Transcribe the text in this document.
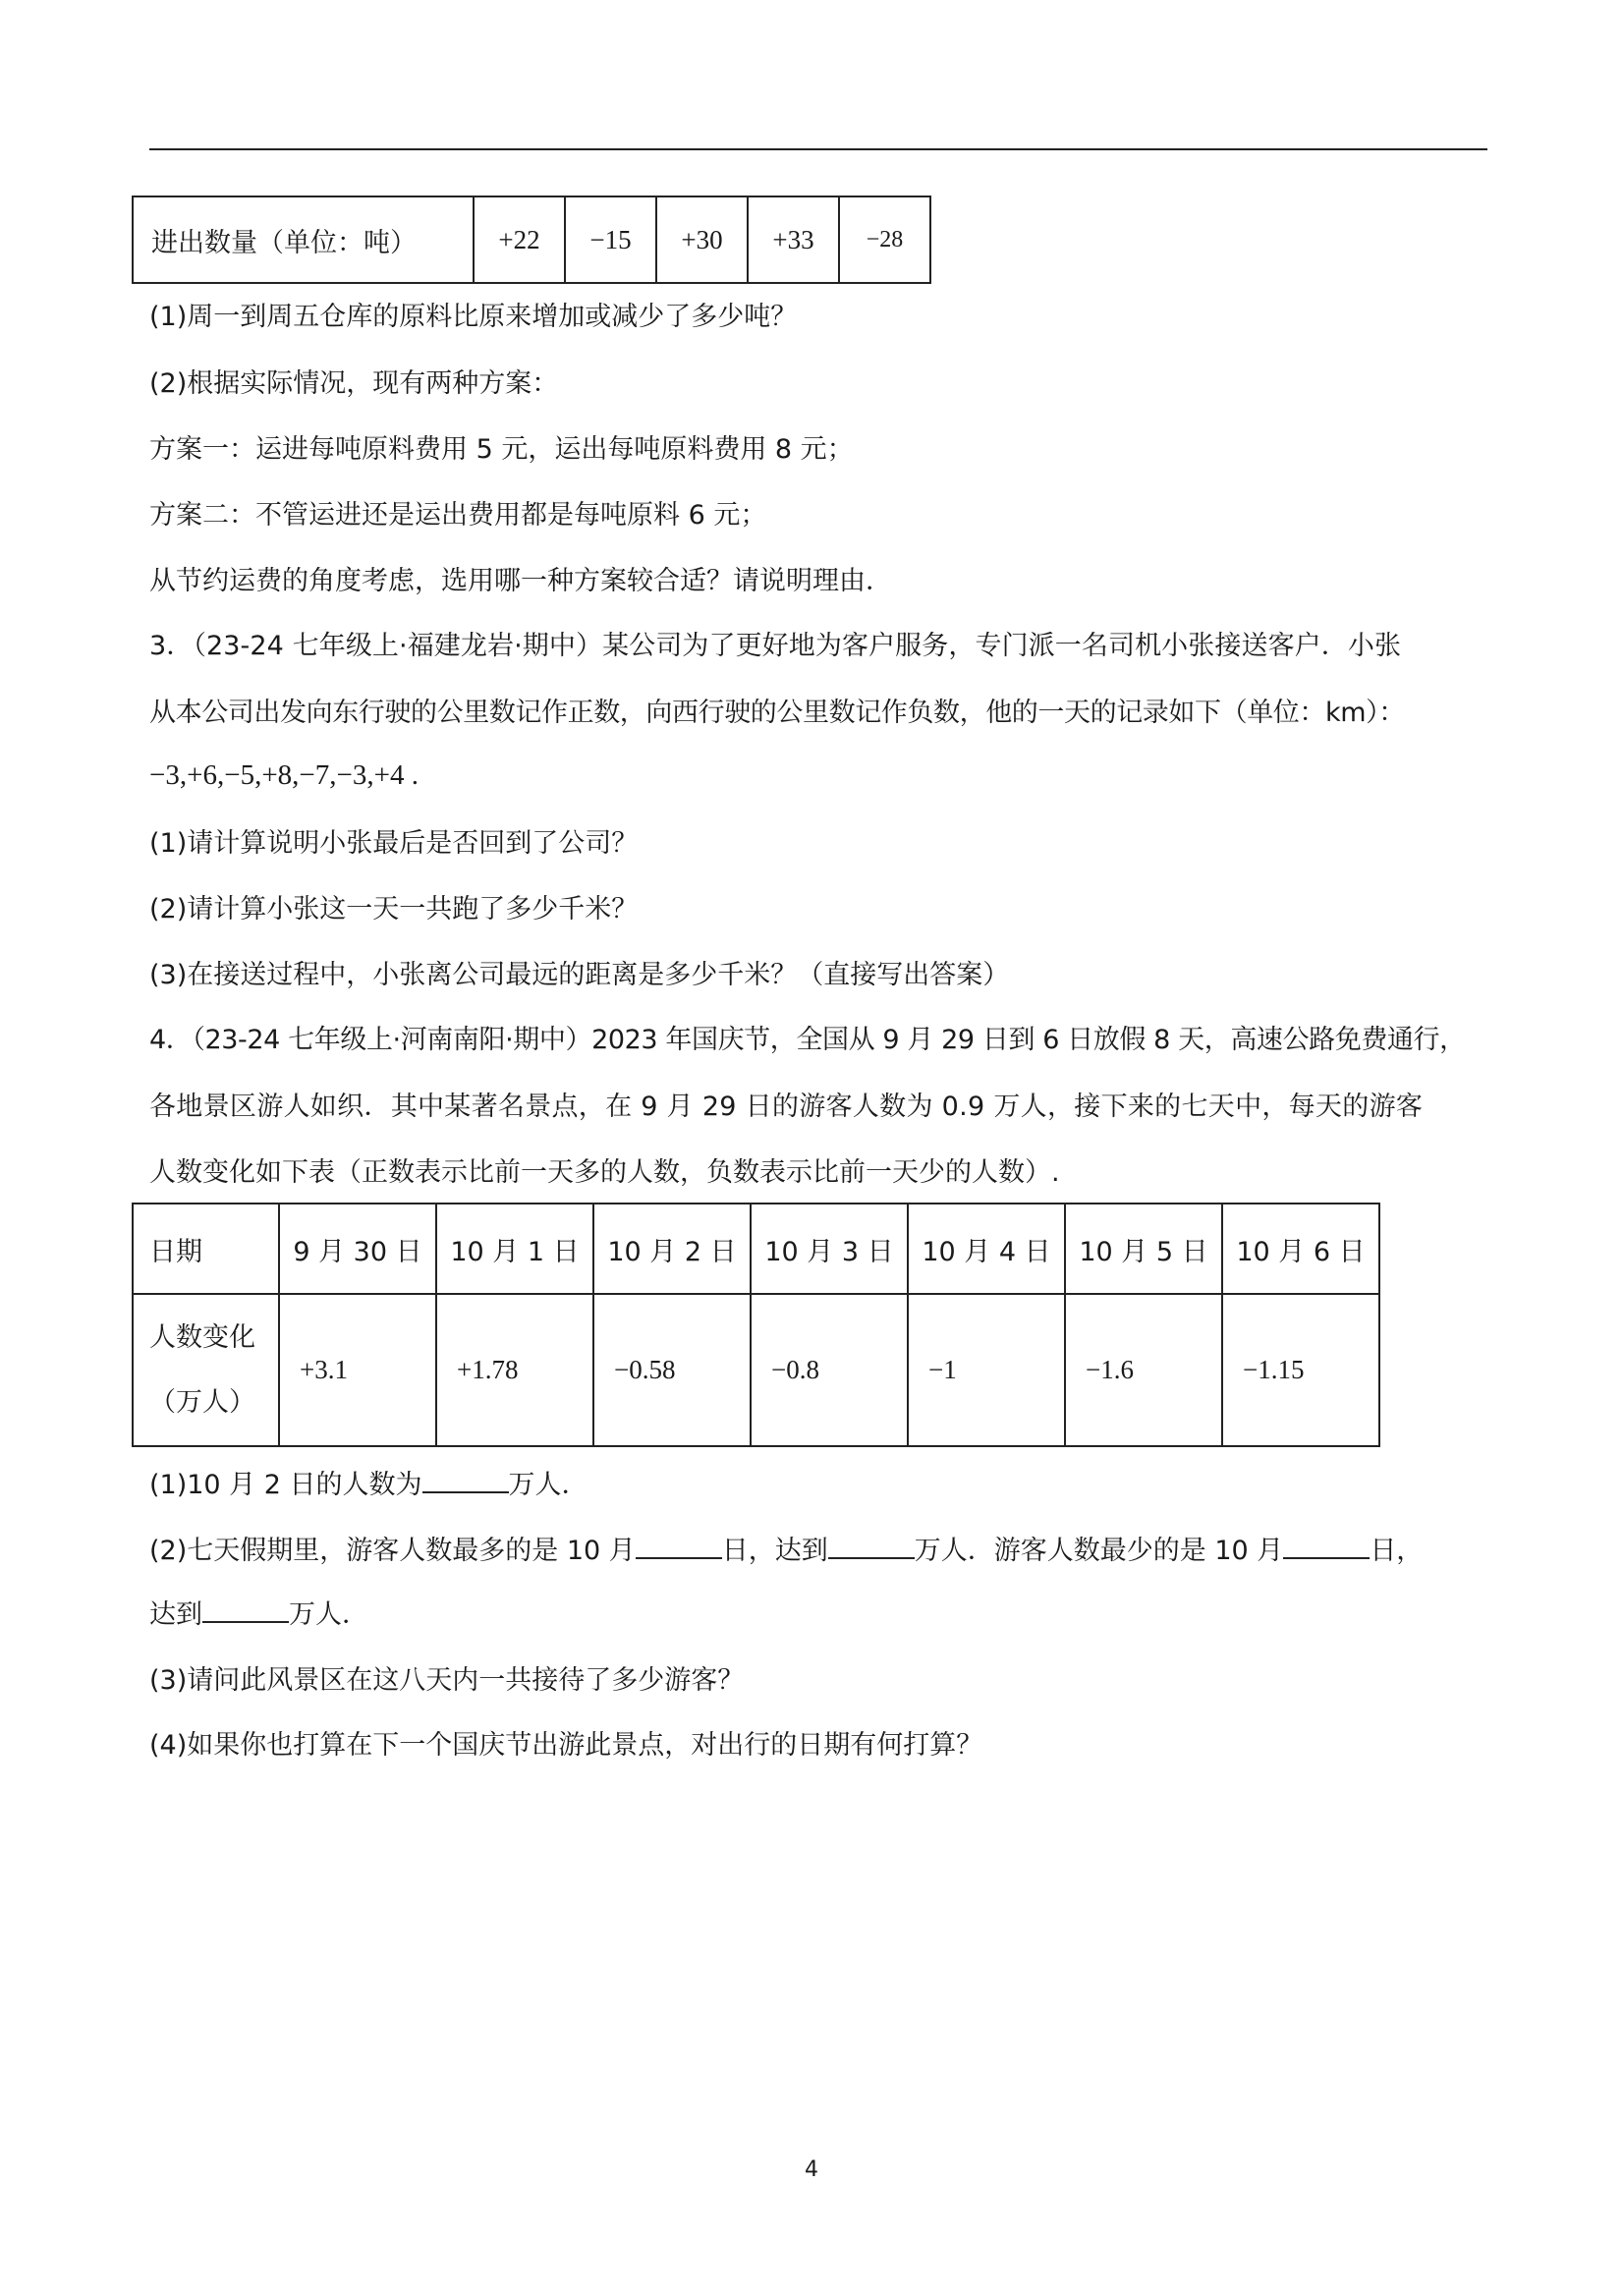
进出数量（单位：吨）	+22	−15	+30	+33	−28
(1)周一到周五仓库的原料比原来增加或减少了多少吨？
(2)根据实际情况，现有两种方案：
方案一：运进每吨原料费用 5 元，运出每吨原料费用 8 元；
方案二：不管运进还是运出费用都是每吨原料 6 元；
从节约运费的角度考虑，选用哪一种方案较合适？请说明理由．
3．（23-24 七年级上·福建龙岩·期中）某公司为了更好地为客户服务，专门派一名司机小张接送客户．小张
从本公司出发向东行驶的公里数记作正数，向西行驶的公里数记作负数，他的一天的记录如下（单位：km）：
−3,+6,−5,+8,−7,−3,+4 .
(1)请计算说明小张最后是否回到了公司？
(2)请计算小张这一天一共跑了多少千米？
(3)在接送过程中，小张离公司最远的距离是多少千米？（直接写出答案）
4．（23-24 七年级上·河南南阳·期中）2023 年国庆节，全国从 9 月 29 日到 6 日放假 8 天，高速公路免费通行，
各地景区游人如织．其中某著名景点，在 9 月 29 日的游客人数为 0.9 万人，接下来的七天中，每天的游客
人数变化如下表（正数表示比前一天多的人数，负数表示比前一天少的人数）.
日期	9 月 30 日	10 月 1 日	10 月 2 日	10 月 3 日	10 月 4 日	10 月 5 日	10 月 6 日

人数变化
（万人）	+3.1	+1.78	−0.58	−0.8	−1	−1.6	−1.15
(1)10 月 2 日的人数为	万人．
(2)七天假期里，游客人数最多的是 10 月	日，达到	万人．游客人数最少的是 10 月	日，
达到	万人．
(3)请问此风景区在这八天内一共接待了多少游客？
(4)如果你也打算在下一个国庆节出游此景点，对出行的日期有何打算？
4
